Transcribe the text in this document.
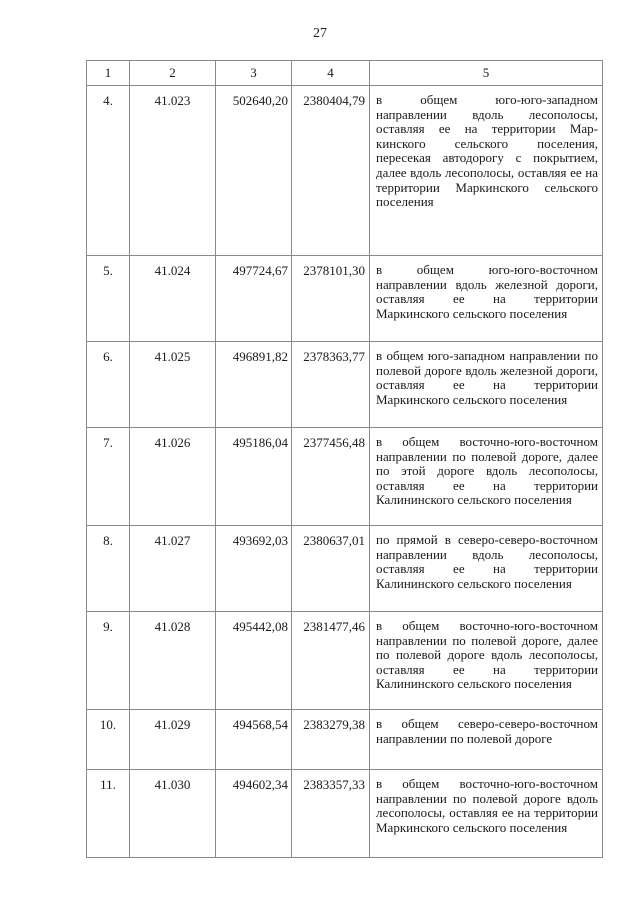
27
1	2	3	4	5
4.	41.023	502640,20	2380404,79	в общем юго-юго-западном направлении вдоль лесополосы, оставляя ее на территории Маркинского сельского поселения, пересекая автодорогу с покрытием, далее вдоль лесополосы, оставляя ее на территории Маркинского сельского поселения
5.	41.024	497724,67	2378101,30	в общем юго-юго-восточном направлении вдоль железной дороги, оставляя ее на территории Маркинского сельского поселения
6.	41.025	496891,82	2378363,77	в общем юго-западном направлении по полевой дороге вдоль железной дороги, оставляя ее на территории Маркинского сельского поселения
7.	41.026	495186,04	2377456,48	в общем восточно-юго-восточном направлении по полевой дороге, далее по этой дороге вдоль лесополосы, оставляя ее на территории Калининского сельского поселения
8.	41.027	493692,03	2380637,01	по прямой в северо-северо-восточном направлении вдоль лесополосы, оставляя ее на территории Калининского сельского поселения
9.	41.028	495442,08	2381477,46	в общем восточно-юго-восточном направлении по полевой дороге, далее по полевой дороге вдоль лесополосы, оставляя ее на территории Калининского сельского поселения
10.	41.029	494568,54	2383279,38	в общем северо-северо-восточном направлении по полевой дороге
11.	41.030	494602,34	2383357,33	в общем восточно-юго-восточном направлении по полевой дороге вдоль лесополосы, оставляя ее на территории Маркинского сельского поселения
